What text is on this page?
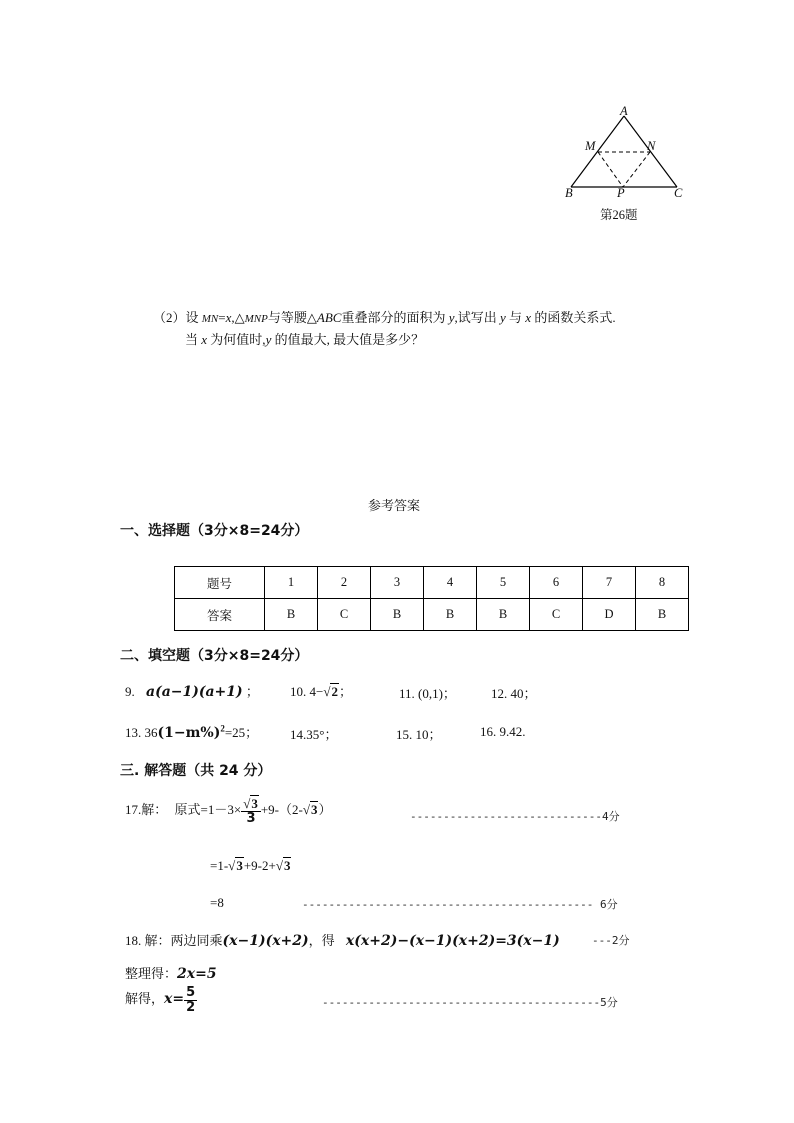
A
M	N
B	P	C
第26题
（2）设 MN=x,△MNP与等腰△ABC重叠部分的面积为 y,试写出 y 与 x 的函数关系式.
当 x 为何值时,y 的值最大, 最大值是多少？
参考答案
一、选择题（3分×8=24分）
题号	1	2	3	4	5	6	7	8
答案	B	C	B	B	B	C	D	B
二、填空题（3分×8=24分）
9. a(a−1)(a+1) ； 10. 4−√2；	11. (0,1)；	12. 40；
13. $36(1-m\%)^2=25$； 14.35°；	15. 10；	16. 9.42.
三. 解答题（共 24 分）
17.解： 原式$=1-3\times \frac{√3}{3} +9-(2-√3)$	-----------------------------4分
=1-√3+9-2+√3
=8	-------------------------------------------- 6分
18. 解：两边同乘(x−1)(x+2)，得 x(x+2)−(x−1)(x+2)=3(x−1)	---2分
整理得：2x=5
解得，$x= \frac{5}{2}$	------------------------------------------5分
